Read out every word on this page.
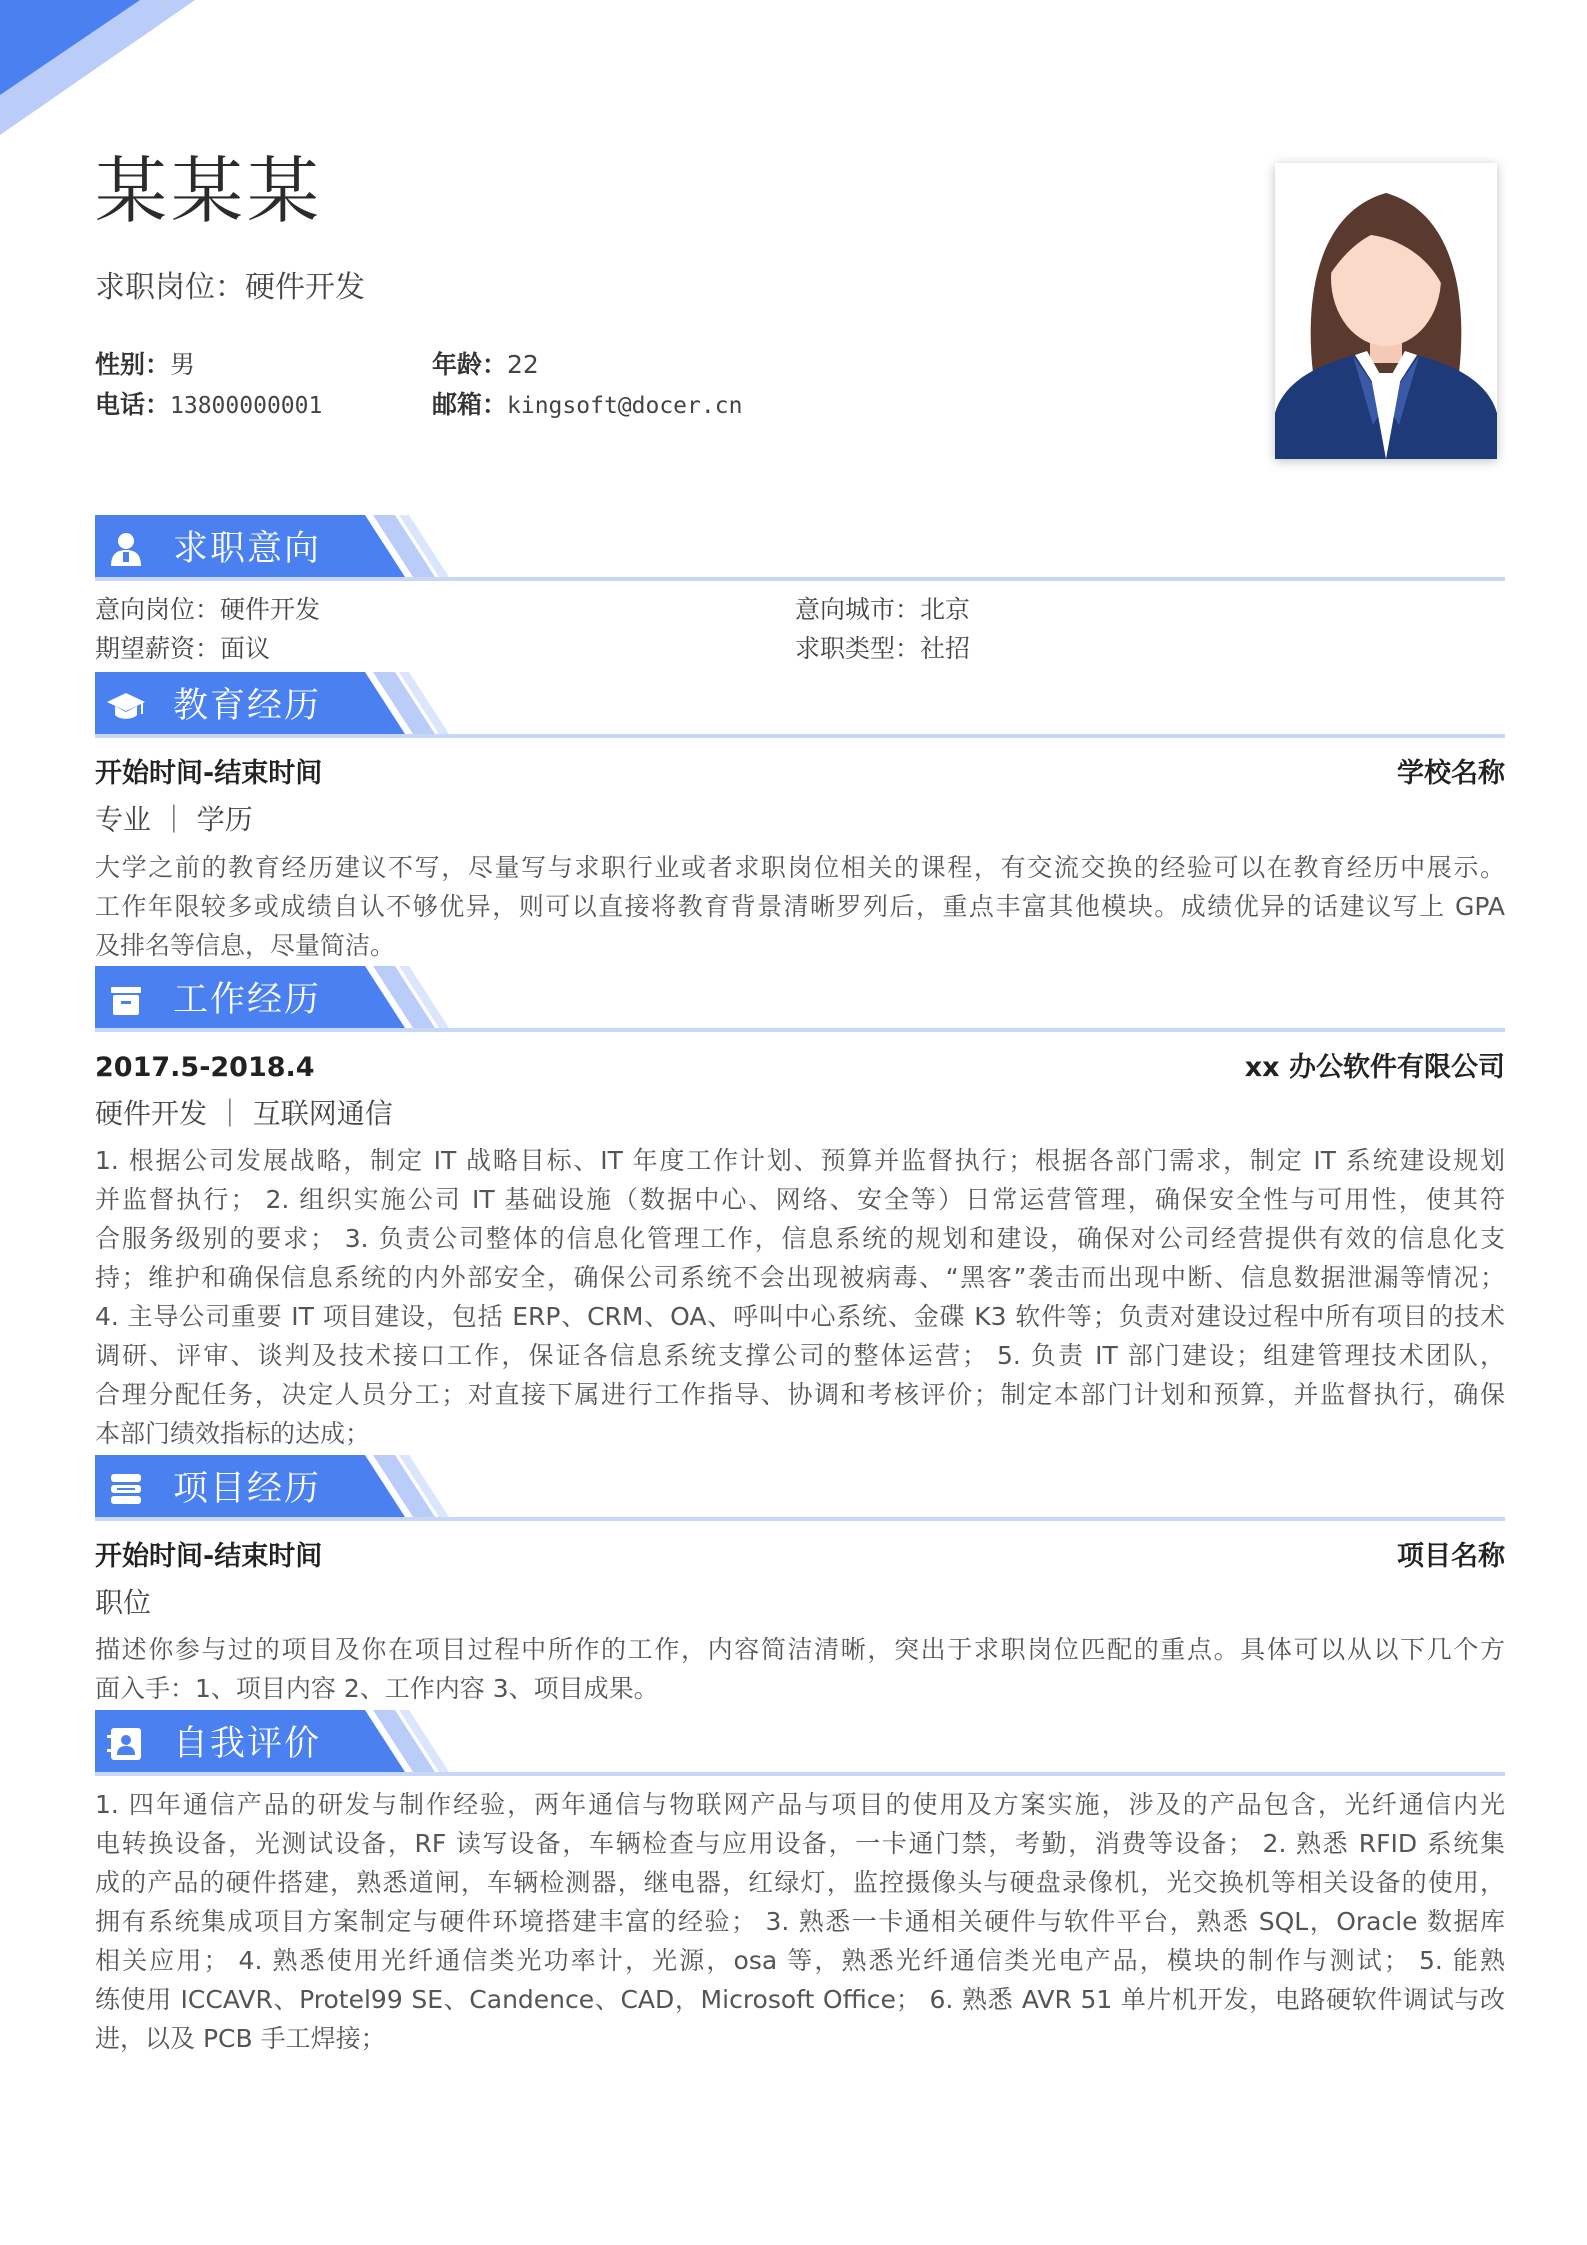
某某某
求职岗位：硬件开发
性别：男	年龄：22
电话：13800000001	邮箱：kingsoft@docer.cn
求职意向
意向岗位：硬件开发	意向城市：北京
期望薪资：面议	求职类型：社招
教育经历
开始时间-结束时间	学校名称
专业 ｜ 学历
大学之前的教育经历建议不写，尽量写与求职行业或者求职岗位相关的课程，有交流交换的经验可以在教育经历中展示。
工作年限较多或成绩自认不够优异，则可以直接将教育背景清晰罗列后，重点丰富其他模块。成绩优异的话建议写上 GPA
及排名等信息，尽量简洁。
工作经历
2017.5-2018.4	xx 办公软件有限公司
硬件开发 ｜ 互联网通信
1. 根据公司发展战略，制定 IT 战略目标、IT 年度工作计划、预算并监督执行；根据各部门需求，制定 IT 系统建设规划
并监督执行； 2. 组织实施公司 IT 基础设施（数据中心、网络、安全等）日常运营管理，确保安全性与可用性，使其符
合服务级别的要求； 3. 负责公司整体的信息化管理工作，信息系统的规划和建设，确保对公司经营提供有效的信息化支
持；维护和确保信息系统的内外部安全，确保公司系统不会出现被病毒、“黑客”袭击而出现中断、信息数据泄漏等情况；
4. 主导公司重要 IT 项目建设，包括 ERP、CRM、OA、呼叫中心系统、金碟 K3 软件等；负责对建设过程中所有项目的技术
调研、评审、谈判及技术接口工作，保证各信息系统支撑公司的整体运营； 5. 负责 IT 部门建设；组建管理技术团队，
合理分配任务，决定人员分工；对直接下属进行工作指导、协调和考核评价；制定本部门计划和预算，并监督执行，确保
本部门绩效指标的达成；
项目经历
开始时间-结束时间	项目名称
职位
描述你参与过的项目及你在项目过程中所作的工作，内容简洁清晰，突出于求职岗位匹配的重点。具体可以从以下几个方
面入手：1、项目内容 2、工作内容 3、项目成果。
自我评价
1. 四年通信产品的研发与制作经验，两年通信与物联网产品与项目的使用及方案实施，涉及的产品包含，光纤通信内光
电转换设备，光测试设备，RF 读写设备，车辆检查与应用设备，一卡通门禁，考勤，消费等设备； 2. 熟悉 RFID 系统集
成的产品的硬件搭建，熟悉道闸，车辆检测器，继电器，红绿灯，监控摄像头与硬盘录像机，光交换机等相关设备的使用，
拥有系统集成项目方案制定与硬件环境搭建丰富的经验； 3. 熟悉一卡通相关硬件与软件平台，熟悉 SQL，Oracle 数据库
相关应用； 4. 熟悉使用光纤通信类光功率计，光源，osa 等，熟悉光纤通信类光电产品，模块的制作与测试； 5. 能熟
练使用 ICCAVR、Protel99 SE、Candence、CAD，Microsoft Office； 6. 熟悉 AVR 51 单片机开发，电路硬软件调试与改
进，以及 PCB 手工焊接；
